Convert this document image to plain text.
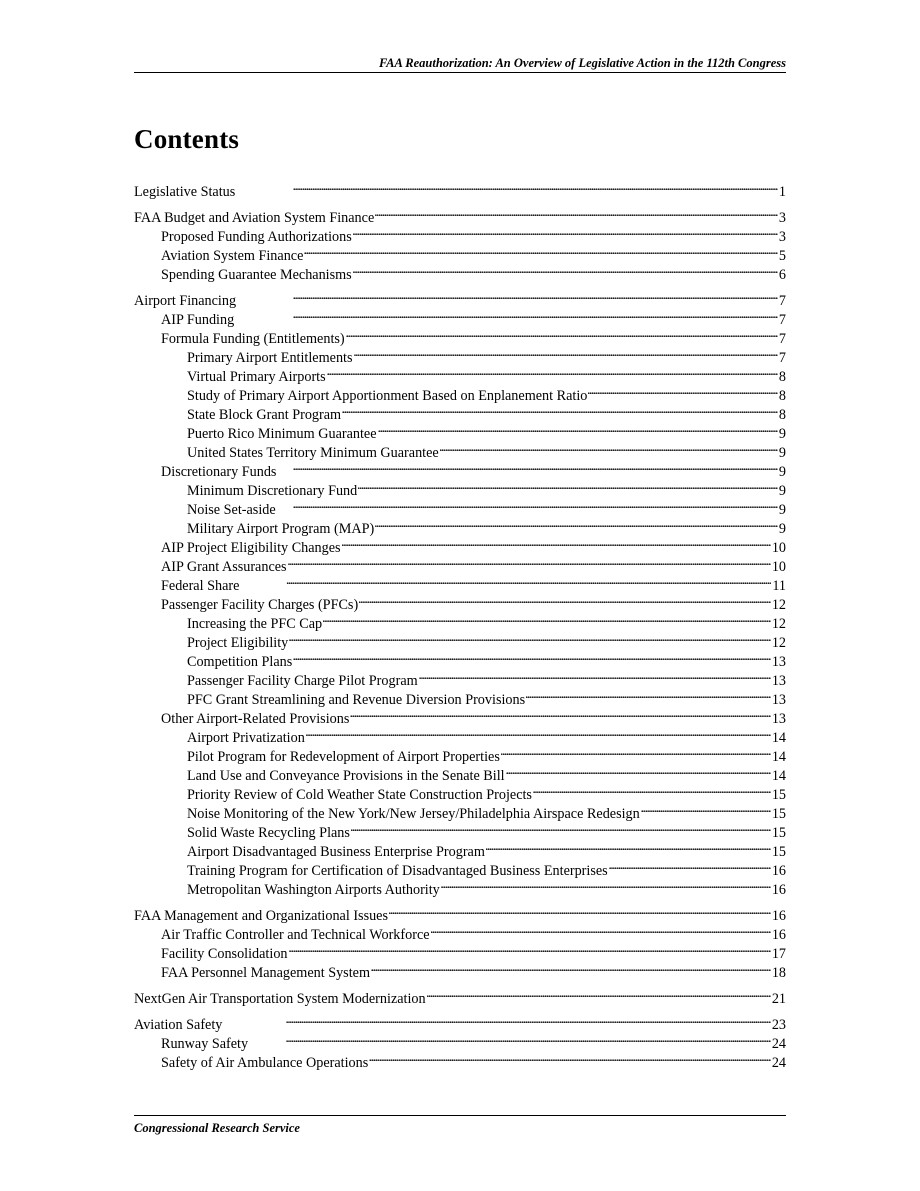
FAA Reauthorization: An Overview of Legislative Action in the 112th Congress
Contents
Legislative Status . . .	1
FAA Budget and Aviation System Finance . . .	3
Proposed Funding Authorizations . . .	3
Aviation System Finance . . .	5
Spending Guarantee Mechanisms . . .	6
Airport Financing . . .	7
AIP Funding . . .	7
Formula Funding (Entitlements) . . .	7
Primary Airport Entitlements . . .	7
Virtual Primary Airports . . .	8
Study of Primary Airport Apportionment Based on Enplanement Ratio . . .	8
State Block Grant Program . . .	8
Puerto Rico Minimum Guarantee . . .	9
United States Territory Minimum Guarantee . . .	9
Discretionary Funds . . .	9
Minimum Discretionary Fund . . .	9
Noise Set-aside . . .	9
Military Airport Program (MAP) . . .	9
AIP Project Eligibility Changes . . .	10
AIP Grant Assurances . . .	10
Federal Share . . .	11
Passenger Facility Charges (PFCs) . . .	12
Increasing the PFC Cap . . .	12
Project Eligibility . . .	12
Competition Plans . . .	13
Passenger Facility Charge Pilot Program . . .	13
PFC Grant Streamlining and Revenue Diversion Provisions . . .	13
Other Airport-Related Provisions . . .	13
Airport Privatization . . .	14
Pilot Program for Redevelopment of Airport Properties . . .	14
Land Use and Conveyance Provisions in the Senate Bill . . .	14
Priority Review of Cold Weather State Construction Projects . . .	15
Noise Monitoring of the New York/New Jersey/Philadelphia Airspace Redesign . . .	15
Solid Waste Recycling Plans . . .	15
Airport Disadvantaged Business Enterprise Program . . .	15
Training Program for Certification of Disadvantaged Business Enterprises . . .	16
Metropolitan Washington Airports Authority . . .	16
FAA Management and Organizational Issues . . .	16
Air Traffic Controller and Technical Workforce . . .	16
Facility Consolidation . . .	17
FAA Personnel Management System . . .	18
NextGen Air Transportation System Modernization . . .	21
Aviation Safety . . .	23
Runway Safety . . .	24
Safety of Air Ambulance Operations . . .	24
Congressional Research Service
